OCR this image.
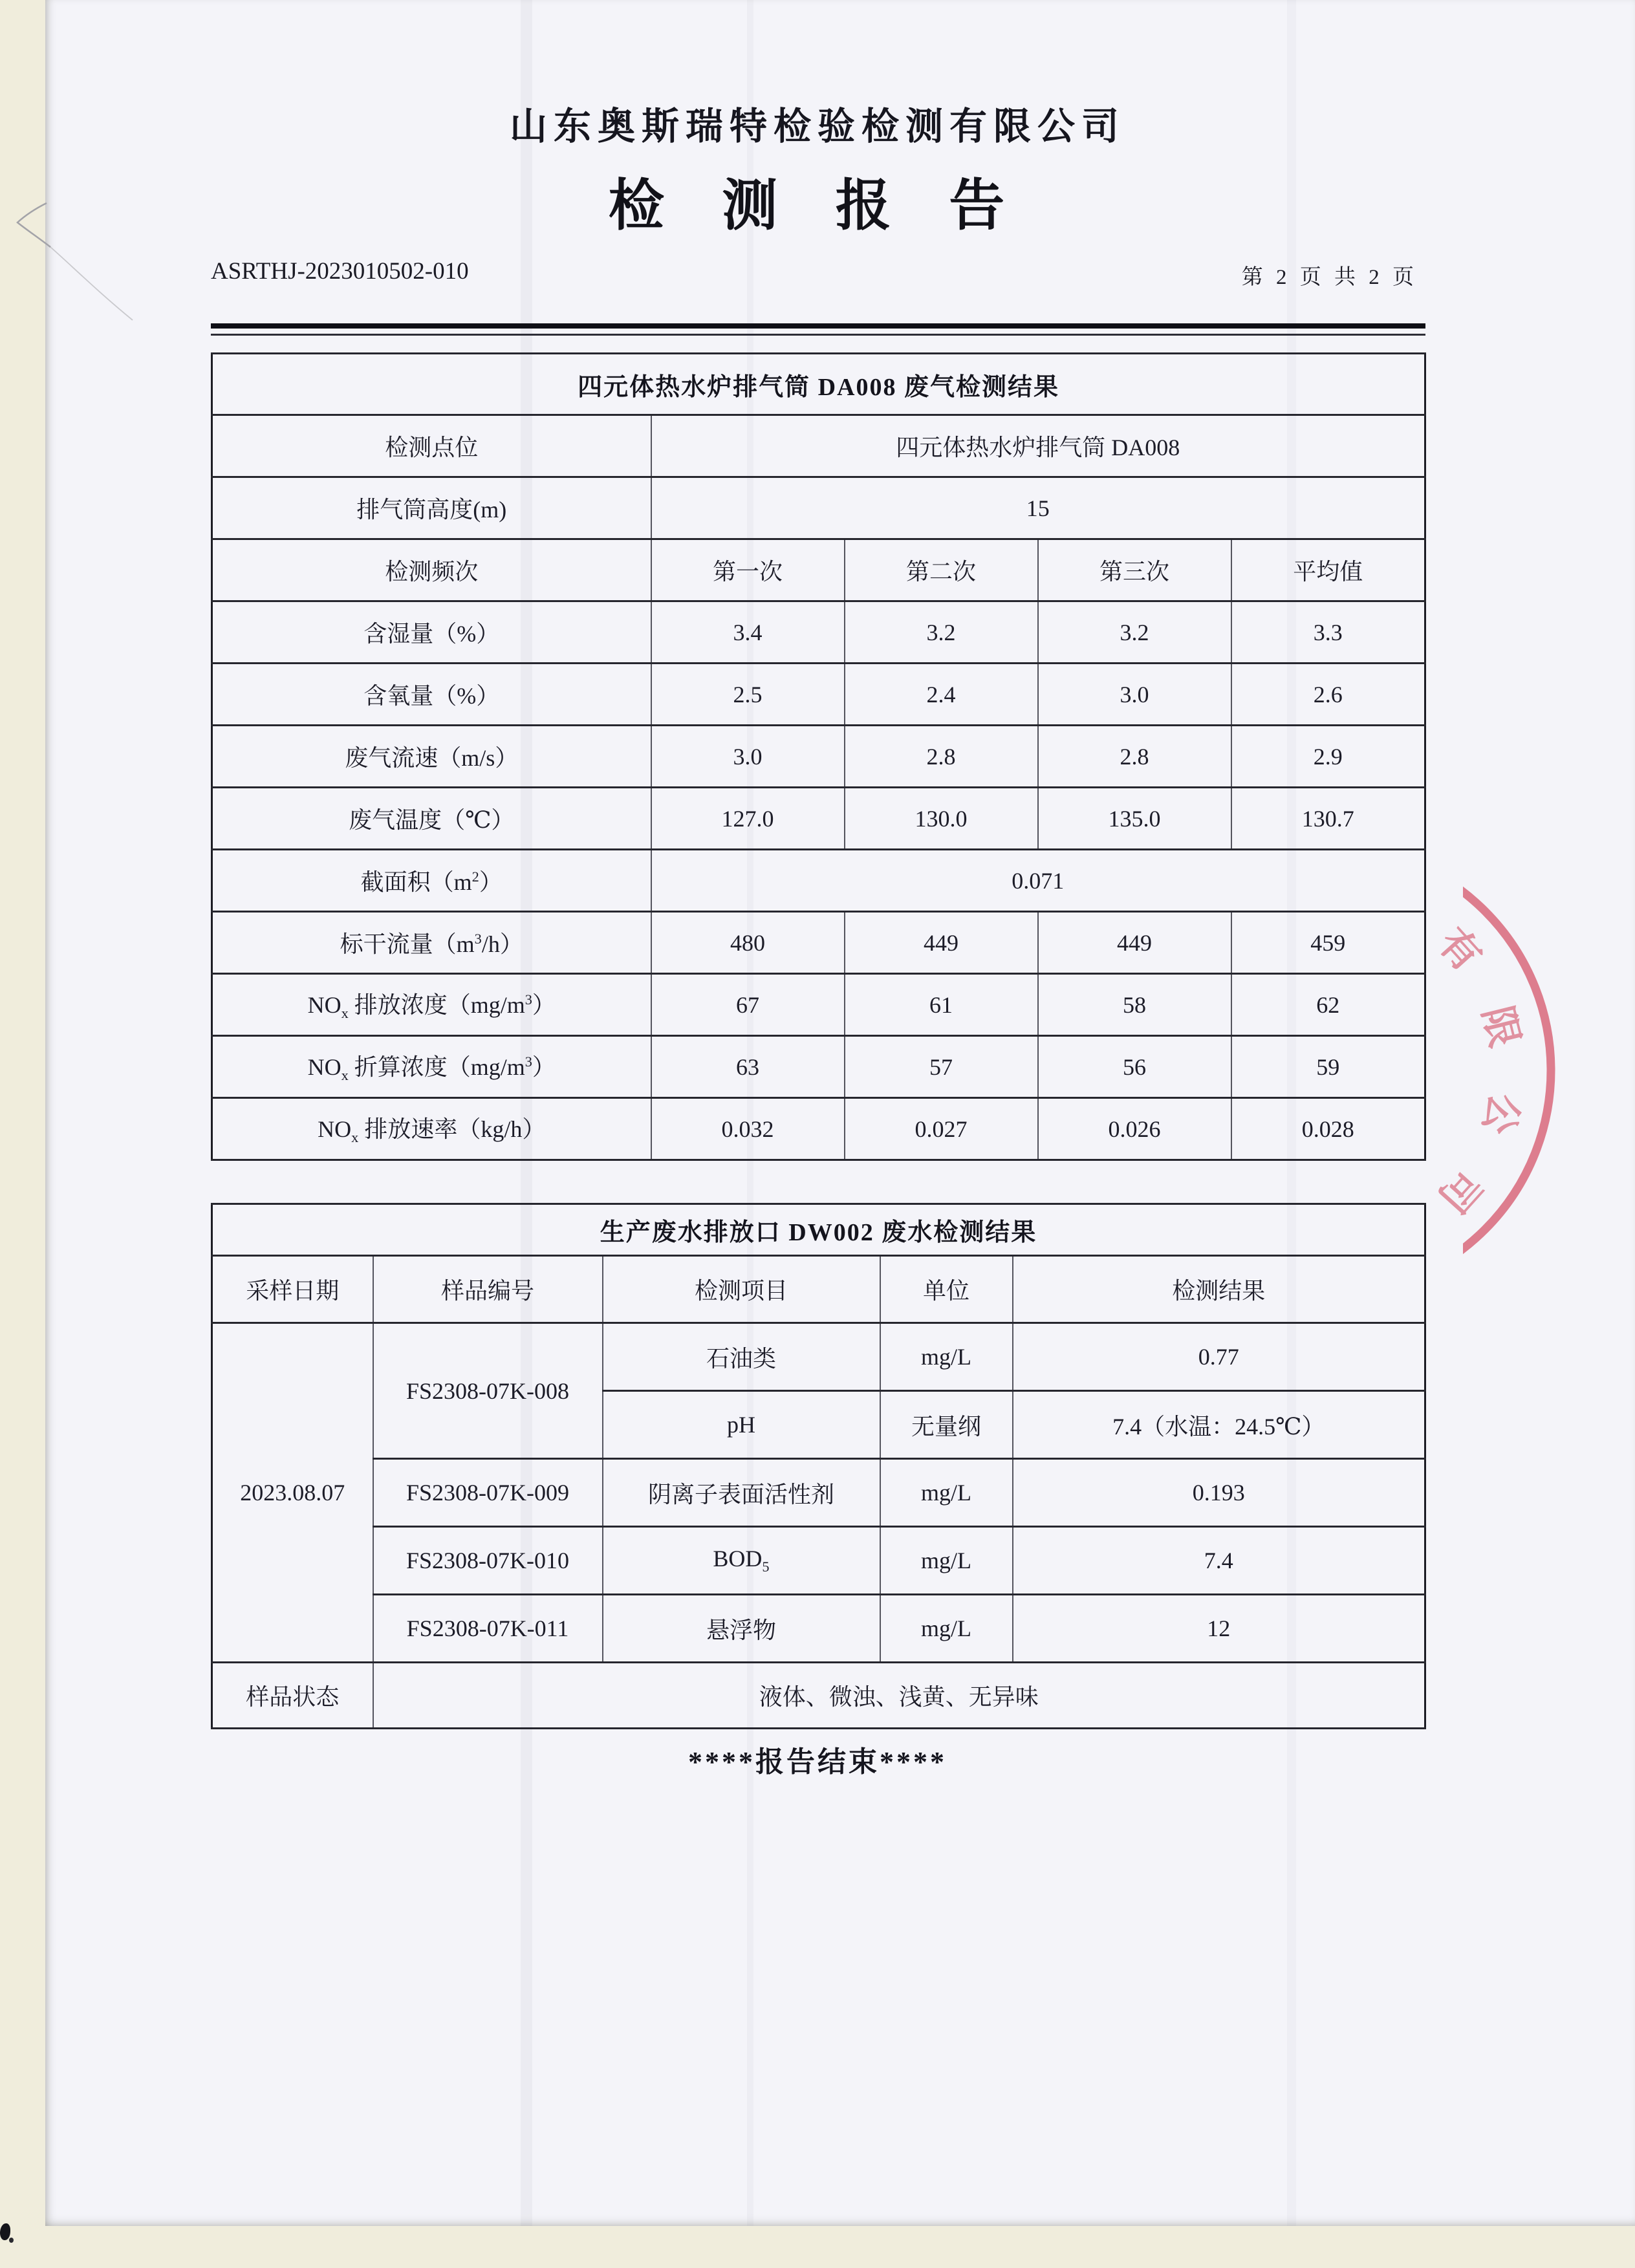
山东奥斯瑞特检验检测有限公司
检 测 报 告
ASRTHJ-2023010502-010	第 2 页 共 2 页
四元体热水炉排气筒 DA008 废气检测结果				
检测点位	四元体热水炉排气筒 DA008			
排气筒高度(m)	15			
检测频次	第一次	第二次	第三次	平均值
含湿量（%）	3.4	3.2	3.2	3.3
含氧量（%）	2.5	2.4	3.0	2.6
废气流速（m/s）	3.0	2.8	2.8	2.9
废气温度（℃）	127.0	130.0	135.0	130.7
截面积$(m^2)$	0.071			
标干流量$(m^3/h)$	480	449	449	459
$NO_x$ 排放浓度$(mg/m^3)$	67	61	58	62
$NO_x$ 折算浓度$(mg/m^3)$	63	57	56	59
$NO_x$ 排放速率（kg/h）	0.032	0.027	0.026	0.028
生产废水排放口 DW002 废水检测结果				
采样日期	样品编号	检测项目	单位	检测结果
2023.08.07	FS2308-07K-008	石油类	mg/L	0.77
		pH	无量纲	7.4（水温：24.5℃）
	FS2308-07K-009	阴离子表面活性剂	mg/L	0.193
	FS2308-07K-010	$BOD_5$	mg/L	7.4
	FS2308-07K-011	悬浮物	mg/L	12
样品状态	液体、微浊、浅黄、无异味			
****报告结束****
有
限
公
司
